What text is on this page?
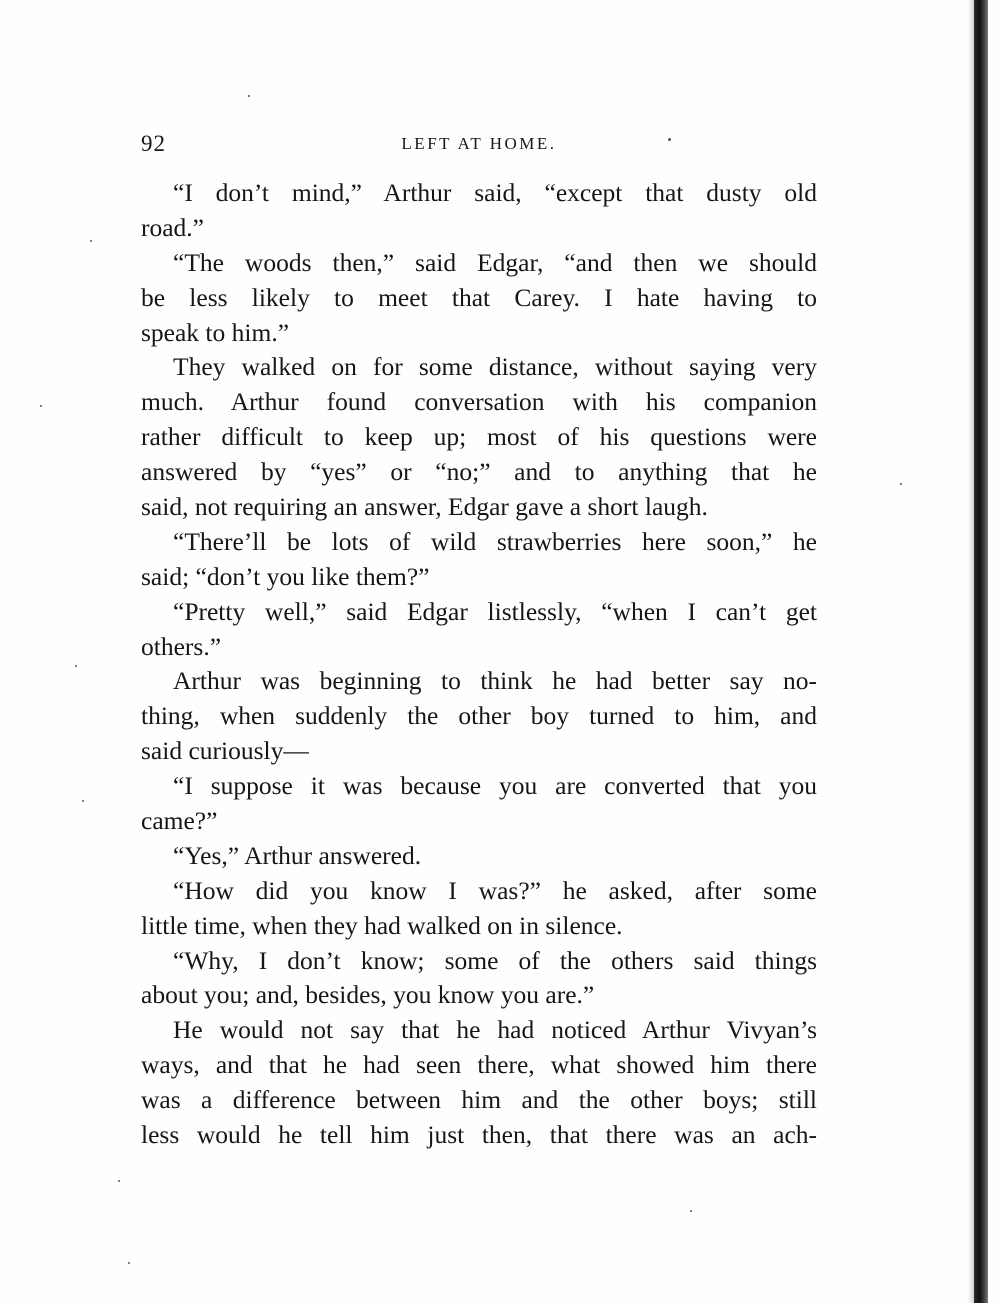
92	LEFT AT HOME.
“I don’t mind,” Arthur said, “except that dusty old
road.”
“The woods then,” said Edgar, “and then we should
be less likely to meet that Carey. I hate having to
speak to him.”
They walked on for some distance, without saying very
much. Arthur found conversation with his companion
rather difficult to keep up; most of his questions were
answered by “yes” or “no;” and to anything that he
said, not requiring an answer, Edgar gave a short laugh.
“There’ll be lots of wild strawberries here soon,” he
said; “don’t you like them?”
“Pretty well,” said Edgar listlessly, “when I can’t get
others.”
Arthur was beginning to think he had better say no-
thing, when suddenly the other boy turned to him, and
said curiously—
“I suppose it was because you are converted that you
came?”
“Yes,” Arthur answered.
“How did you know I was?” he asked, after some
little time, when they had walked on in silence.
“Why, I don’t know; some of the others said things
about you; and, besides, you know you are.”
He would not say that he had noticed Arthur Vivyan’s
ways, and that he had seen there, what showed him there
was a difference between him and the other boys; still
less would he tell him just then, that there was an ach-
